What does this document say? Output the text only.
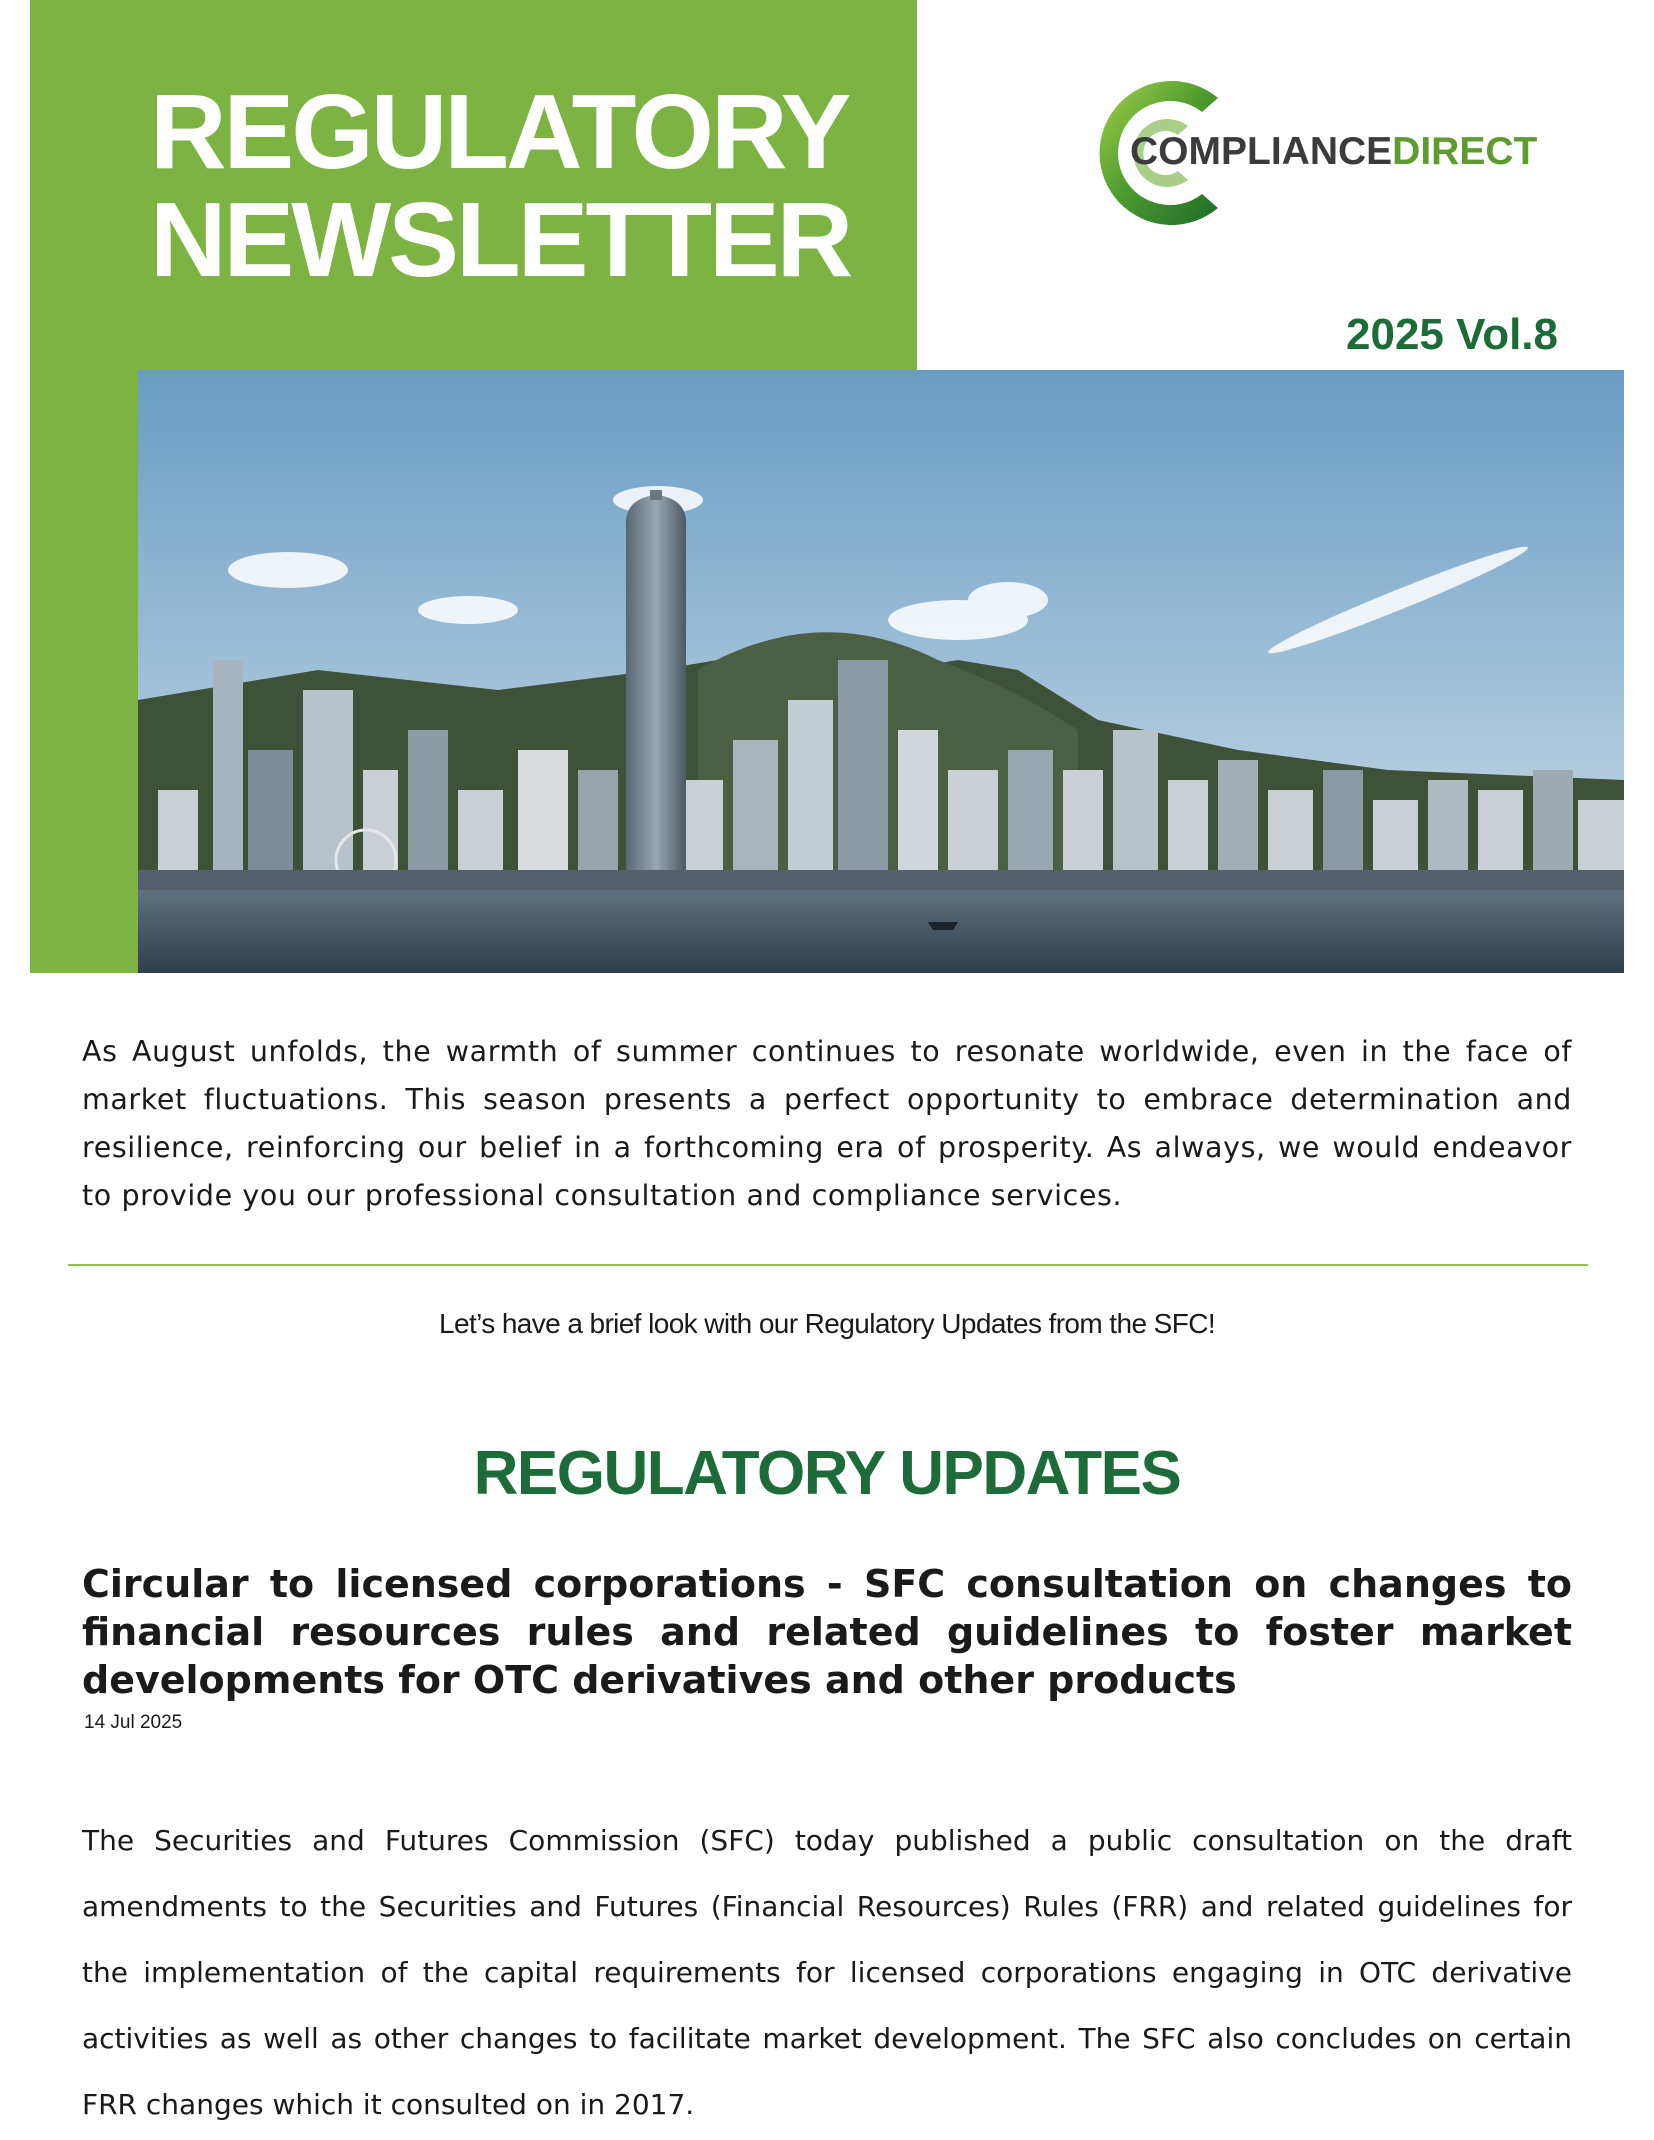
REGULATORY
NEWSLETTER
COMPLIANCEDIRECT
2025 Vol.8

As August unfolds, the warmth of summer continues to resonate worldwide, even in the face of market fluctuations. This season presents a perfect opportunity to embrace determination and resilience, reinforcing our belief in a forthcoming era of prosperity. As always, we would endeavor to provide you our professional consultation and compliance services.

Let’s have a brief look with our Regulatory Updates from the SFC!

REGULATORY UPDATES
Circular to licensed corporations - SFC consultation on changes to financial resources rules and related guidelines to foster market developments for OTC derivatives and other products

14 Jul 2025

The Securities and Futures Commission (SFC) today published a public consultation on the draft amendments to the Securities and Futures (Financial Resources) Rules (FRR) and related guidelines for the implementation of the capital requirements for licensed corporations engaging in OTC derivative activities as well as other changes to facilitate market development. The SFC also concludes on certain FRR changes which it consulted on in 2017.
